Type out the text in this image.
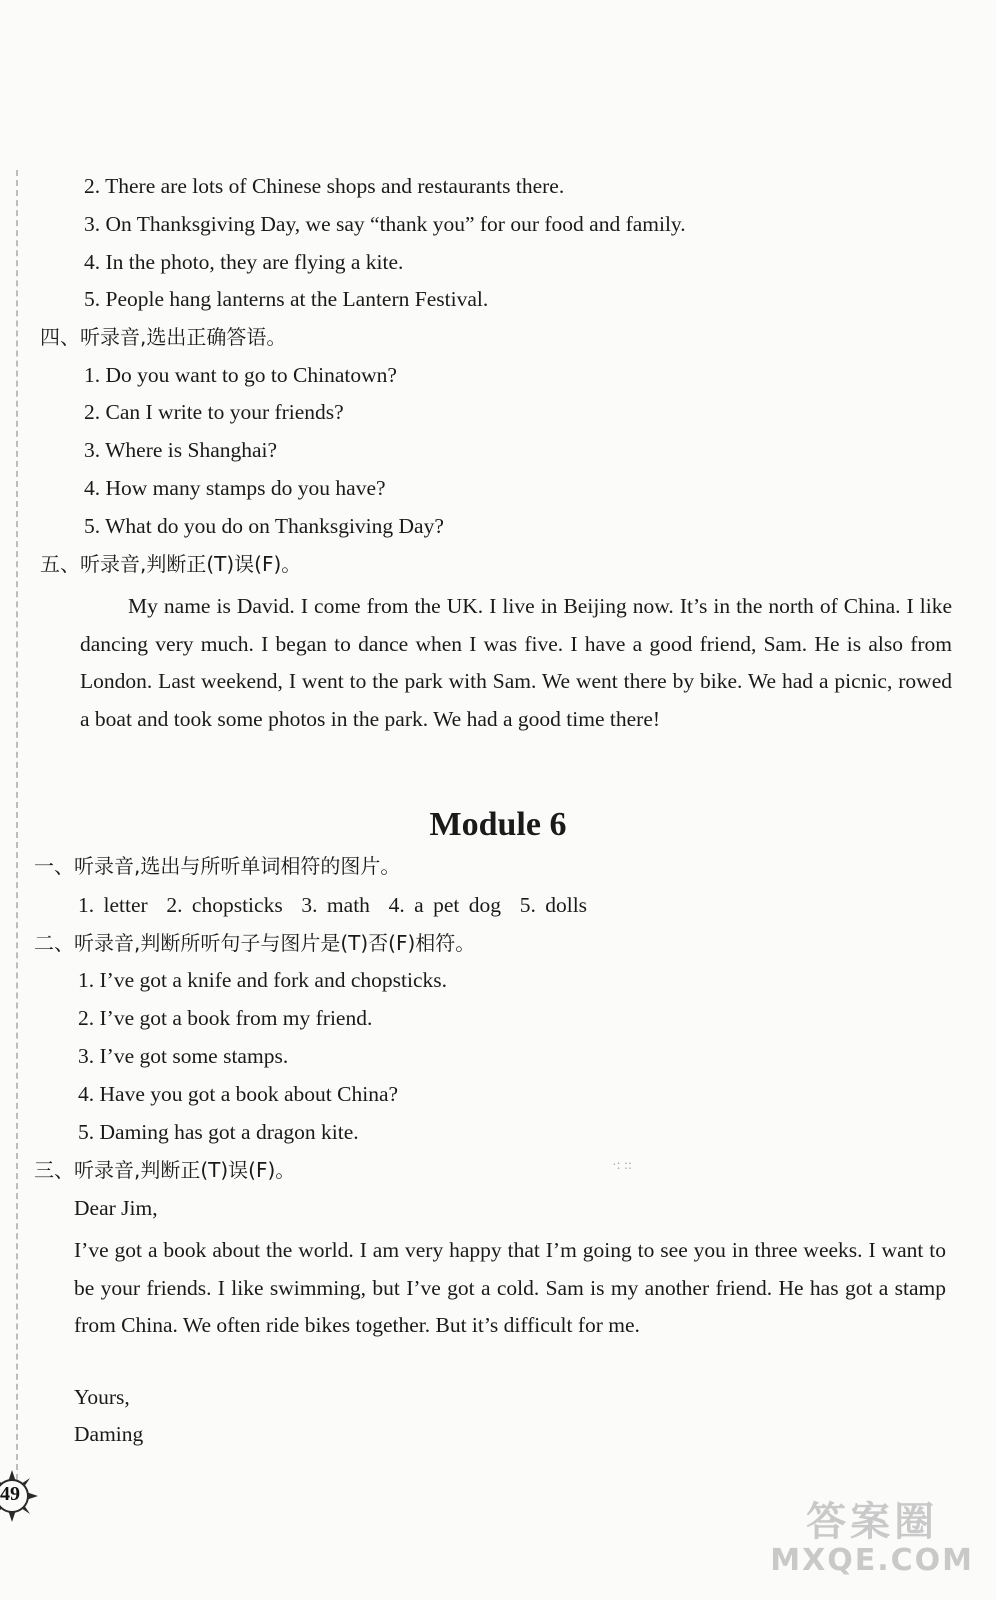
2. There are lots of Chinese shops and restaurants there.
3. On Thanksgiving Day, we say “thank you” for our food and family.
4. In the photo, they are flying a kite.
5. People hang lanterns at the Lantern Festival.
四、听录音,选出正确答语。
1. Do you want to go to Chinatown?
2. Can I write to your friends?
3. Where is Shanghai?
4. How many stamps do you have?
5. What do you do on Thanksgiving Day?
五、听录音,判断正(T)误(F)。
My name is David. I come from the UK. I live in Beijing now. It’s in the north of China. I like dancing very much. I began to dance when I was five. I have a good friend, Sam. He is also from London. Last weekend, I went to the park with Sam. We went there by bike. We had a picnic, rowed a boat and took some photos in the park. We had a good time there!
Module 6
一、听录音,选出与所听单词相符的图片。
1. letter  2. chopsticks  3. math  4. a pet dog  5. dolls
二、听录音,判断所听句子与图片是(T)否(F)相符。
1. I’ve got a knife and fork and chopsticks.
2. I’ve got a book from my friend.
3. I’ve got some stamps.
4. Have you got a book about China?
5. Daming has got a dragon kite.
三、听录音,判断正(T)误(F)。	·: ::
Dear Jim,
I’ve got a book about the world. I am very happy that I’m going to see you in three weeks. I want to be your friends. I like swimming, but I’ve got a cold. Sam is my another friend. He has got a stamp from China. We often ride bikes together. But it’s difficult for me.
Yours,
Daming
49
答案圈
MXQE.COM
